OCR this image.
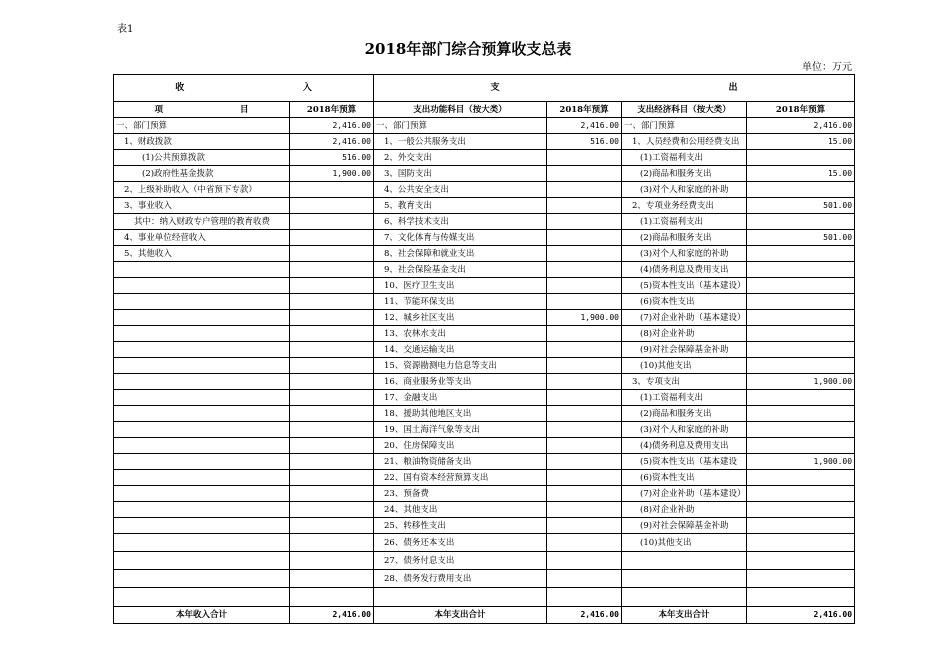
表1
2018年部门综合预算收支总表
单位：万元
收 入		支 出			

项 目	2018年预算	支出功能科目（按大类）	2018年预算	支出经济科目（按大类）	2018年预算
一、部门预算	2,416.00	一、部门预算	2,416.00	一、部门预算	2,416.00
1、财政拨款	2,416.00	1、一般公共服务支出	516.00	1、人员经费和公用经费支出	15.00
(1)公共预算拨款	516.00	2、外交支出		(1)工资福利支出	
(2)政府性基金拨款	1,900.00	3、国防支出		(2)商品和服务支出	15.00
2、上级补助收入（中省预下专款）		4、公共安全支出		(3)对个人和家庭的补助	
3、事业收入		5、教育支出		2、专项业务经费支出	501.00
其中：纳入财政专户管理的教育收费		6、科学技术支出		(1)工资福利支出	
4、事业单位经营收入		7、文化体育与传媒支出		(2)商品和服务支出	501.00
5、其他收入		8、社会保障和就业支出		(3)对个人和家庭的补助	
		9、社会保险基金支出		(4)债务利息及费用支出	
		10、医疗卫生支出		(5)资本性支出（基本建设）	
		11、节能环保支出		(6)资本性支出	
		12、城乡社区支出	1,900.00	(7)对企业补助（基本建设）	
		13、农林水支出		(8)对企业补助	
		14、交通运输支出		(9)对社会保障基金补助	
		15、资源勘测电力信息等支出		(10)其他支出	
		16、商业服务业等支出		3、专项支出	1,900.00
		17、金融支出		(1)工资福利支出	
		18、援助其他地区支出		(2)商品和服务支出	
		19、国土海洋气象等支出		(3)对个人和家庭的补助	
		20、住房保障支出		(4)债务利息及费用支出	
		21、粮油物资储备支出		(5)资本性支出（基本建设	1,900.00
		22、国有资本经营预算支出		(6)资本性支出	
		23、预备费		(7)对企业补助（基本建设）	
		24、其他支出		(8)对企业补助	
		25、转移性支出		(9)对社会保障基金补助	
		26、债务还本支出		(10)其他支出	
		27、债务付息支出			
		28、债务发行费用支出			

本年收入合计	2,416.00	本年支出合计	2,416.00	本年支出合计	2,416.00
